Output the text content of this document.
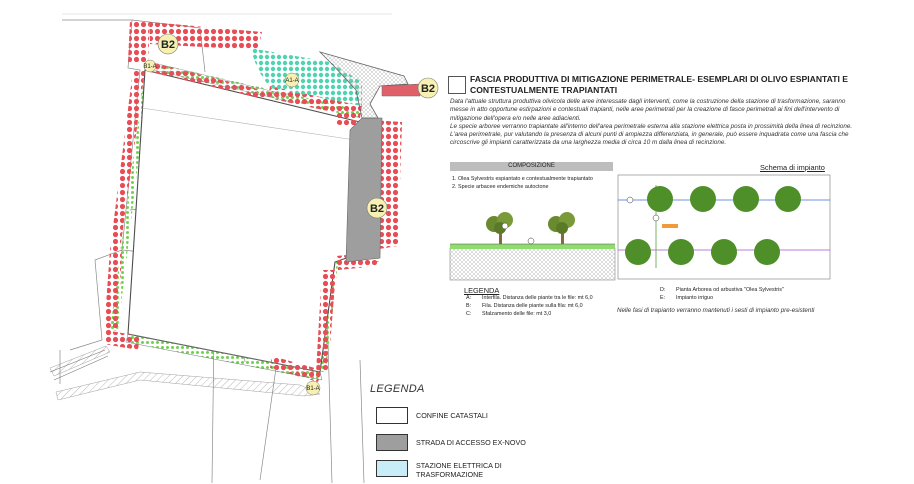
B2
B2
B2
B1-A
A1-A
B1-A
FASCIA PRODUTTIVA DI MITIGAZIONE PERIMETRALE- ESEMPLARI DI OLIVO ESPIANTATI E CONTESTUALMENTE TRAPIANTATI

Data l'attuale struttura produttiva olivicola delle aree interessate dagli interventi, come la costruzione della stazione di trasformazione, saranno messe in atto opportune estirpazioni e contestuali trapianti, nelle aree perimetrali per la creazione di fasce perimetrali ai fini dell'intervento di mitigazione dell'opera e/o nelle aree adiacienti.

Le specie arboree verranno trapiantate all'interno dell'area perimetrale esterna alla stazione elettrica posta in prossimità della linea di recinzione. L'area perimetrale, pur valutando la presenza di alcuni punti di ampiezza differenziata, in generale, può essere inquadrata come una fascia che circoscrive gli impianti caratterizzata da una larghezza media di circa 10 m dalla linea di recinzione.

COMPOSIZIONE
1. Olea Sylvestris espiantato e contestualmente trapiantato
2. Specie arbacee endemiche autoctone
Schema di impianto
LEGENDA
A: Interfila. Distanza delle piante tra le file: mt 6,0
B: Fila. Distanza delle piante sulla fila: mt 6,0
C: Sfalzamento delle file: mt 3,0
D: Pianta Arborea od arbustiva "Olea Sylvestris"
E: Impianto irriguo
Nelle fasi di trapianto verranno mantenuti i sesti di impianto pre-esistenti
LEGENDA
CONFINE CATASTALI
STRADA DI ACCESSO EX-NOVO
STAZIONE ELETTRICA DI TRASFORMAZIONE
